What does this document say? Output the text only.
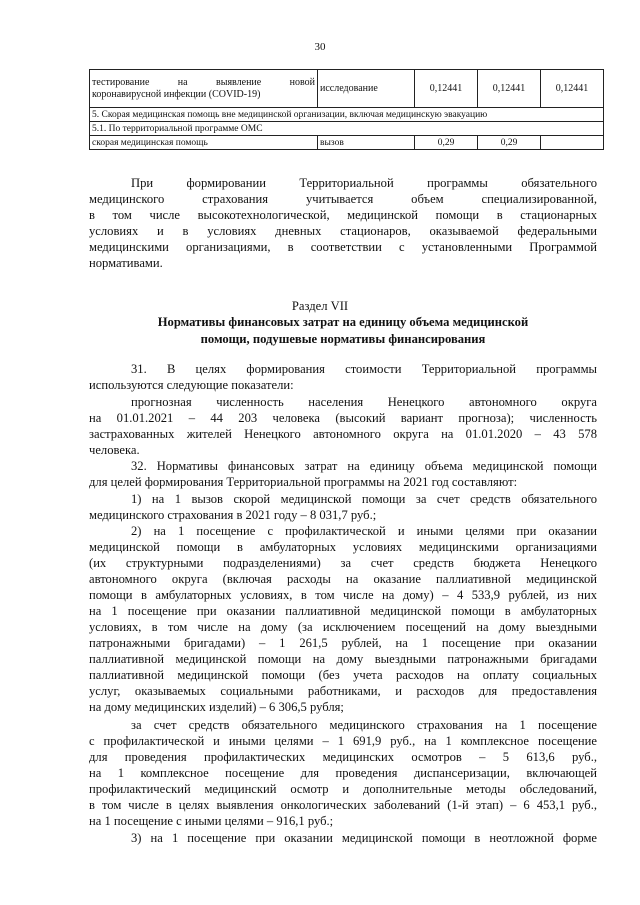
30
тестирование на выявление новой
коронавирусной инфекции (COVID-19)	исследование	0,12441	0,12441	0,12441
5. Скорая медицинская помощь вне медицинской организации, включая медицинскую эвакуацию				
5.1. По территориальной программе ОМС				
скорая медицинская помощь	вызов	0,29	0,29	
При формировании Территориальной программы обязательного
медицинского страхования учитывается объем специализированной,
в том числе высокотехнологической, медицинской помощи в стационарных
условиях и в условиях дневных стационаров, оказываемой федеральными
медицинскими организациями, в соответствии с установленными Программой
нормативами.
Раздел VII
Нормативы финансовых затрат на единицу объема медицинской
помощи, подушевые нормативы финансирования
31. В целях формирования стоимости Территориальной программы
используются следующие показатели:
прогнозная численность населения Ненецкого автономного округа
на 01.01.2021 – 44 203 человека (высокий вариант прогноза); численность
застрахованных жителей Ненецкого автономного округа на 01.01.2020 – 43 578
человека.
32. Нормативы финансовых затрат на единицу объема медицинской помощи
для целей формирования Территориальной программы на 2021 год составляют:
1) на 1 вызов скорой медицинской помощи за счет средств обязательного
медицинского страхования в 2021 году – 8 031,7 руб.;
2) на 1 посещение с профилактической и иными целями при оказании
медицинской помощи в амбулаторных условиях медицинскими организациями
(их структурными подразделениями) за счет средств бюджета Ненецкого
автономного округа (включая расходы на оказание паллиативной медицинской
помощи в амбулаторных условиях, в том числе на дому) – 4 533,9 рублей, из них
на 1 посещение при оказании паллиативной медицинской помощи в амбулаторных
условиях, в том числе на дому (за исключением посещений на дому выездными
патронажными бригадами) – 1 261,5 рублей, на 1 посещение при оказании
паллиативной медицинской помощи на дому выездными патронажными бригадами
паллиативной медицинской помощи (без учета расходов на оплату социальных
услуг, оказываемых социальными работниками, и расходов для предоставления
на дому медицинских изделий) – 6 306,5 рубля;
за счет средств обязательного медицинского страхования на 1 посещение
с профилактической и иными целями – 1 691,9 руб., на 1 комплексное посещение
для проведения профилактических медицинских осмотров – 5 613,6 руб.,
на 1 комплексное посещение для проведения диспансеризации, включающей
профилактический медицинский осмотр и дополнительные методы обследований,
в том числе в целях выявления онкологических заболеваний (1-й этап) – 6 453,1 руб.,
на 1 посещение с иными целями – 916,1 руб.;
3) на 1 посещение при оказании медицинской помощи в неотложной форме
